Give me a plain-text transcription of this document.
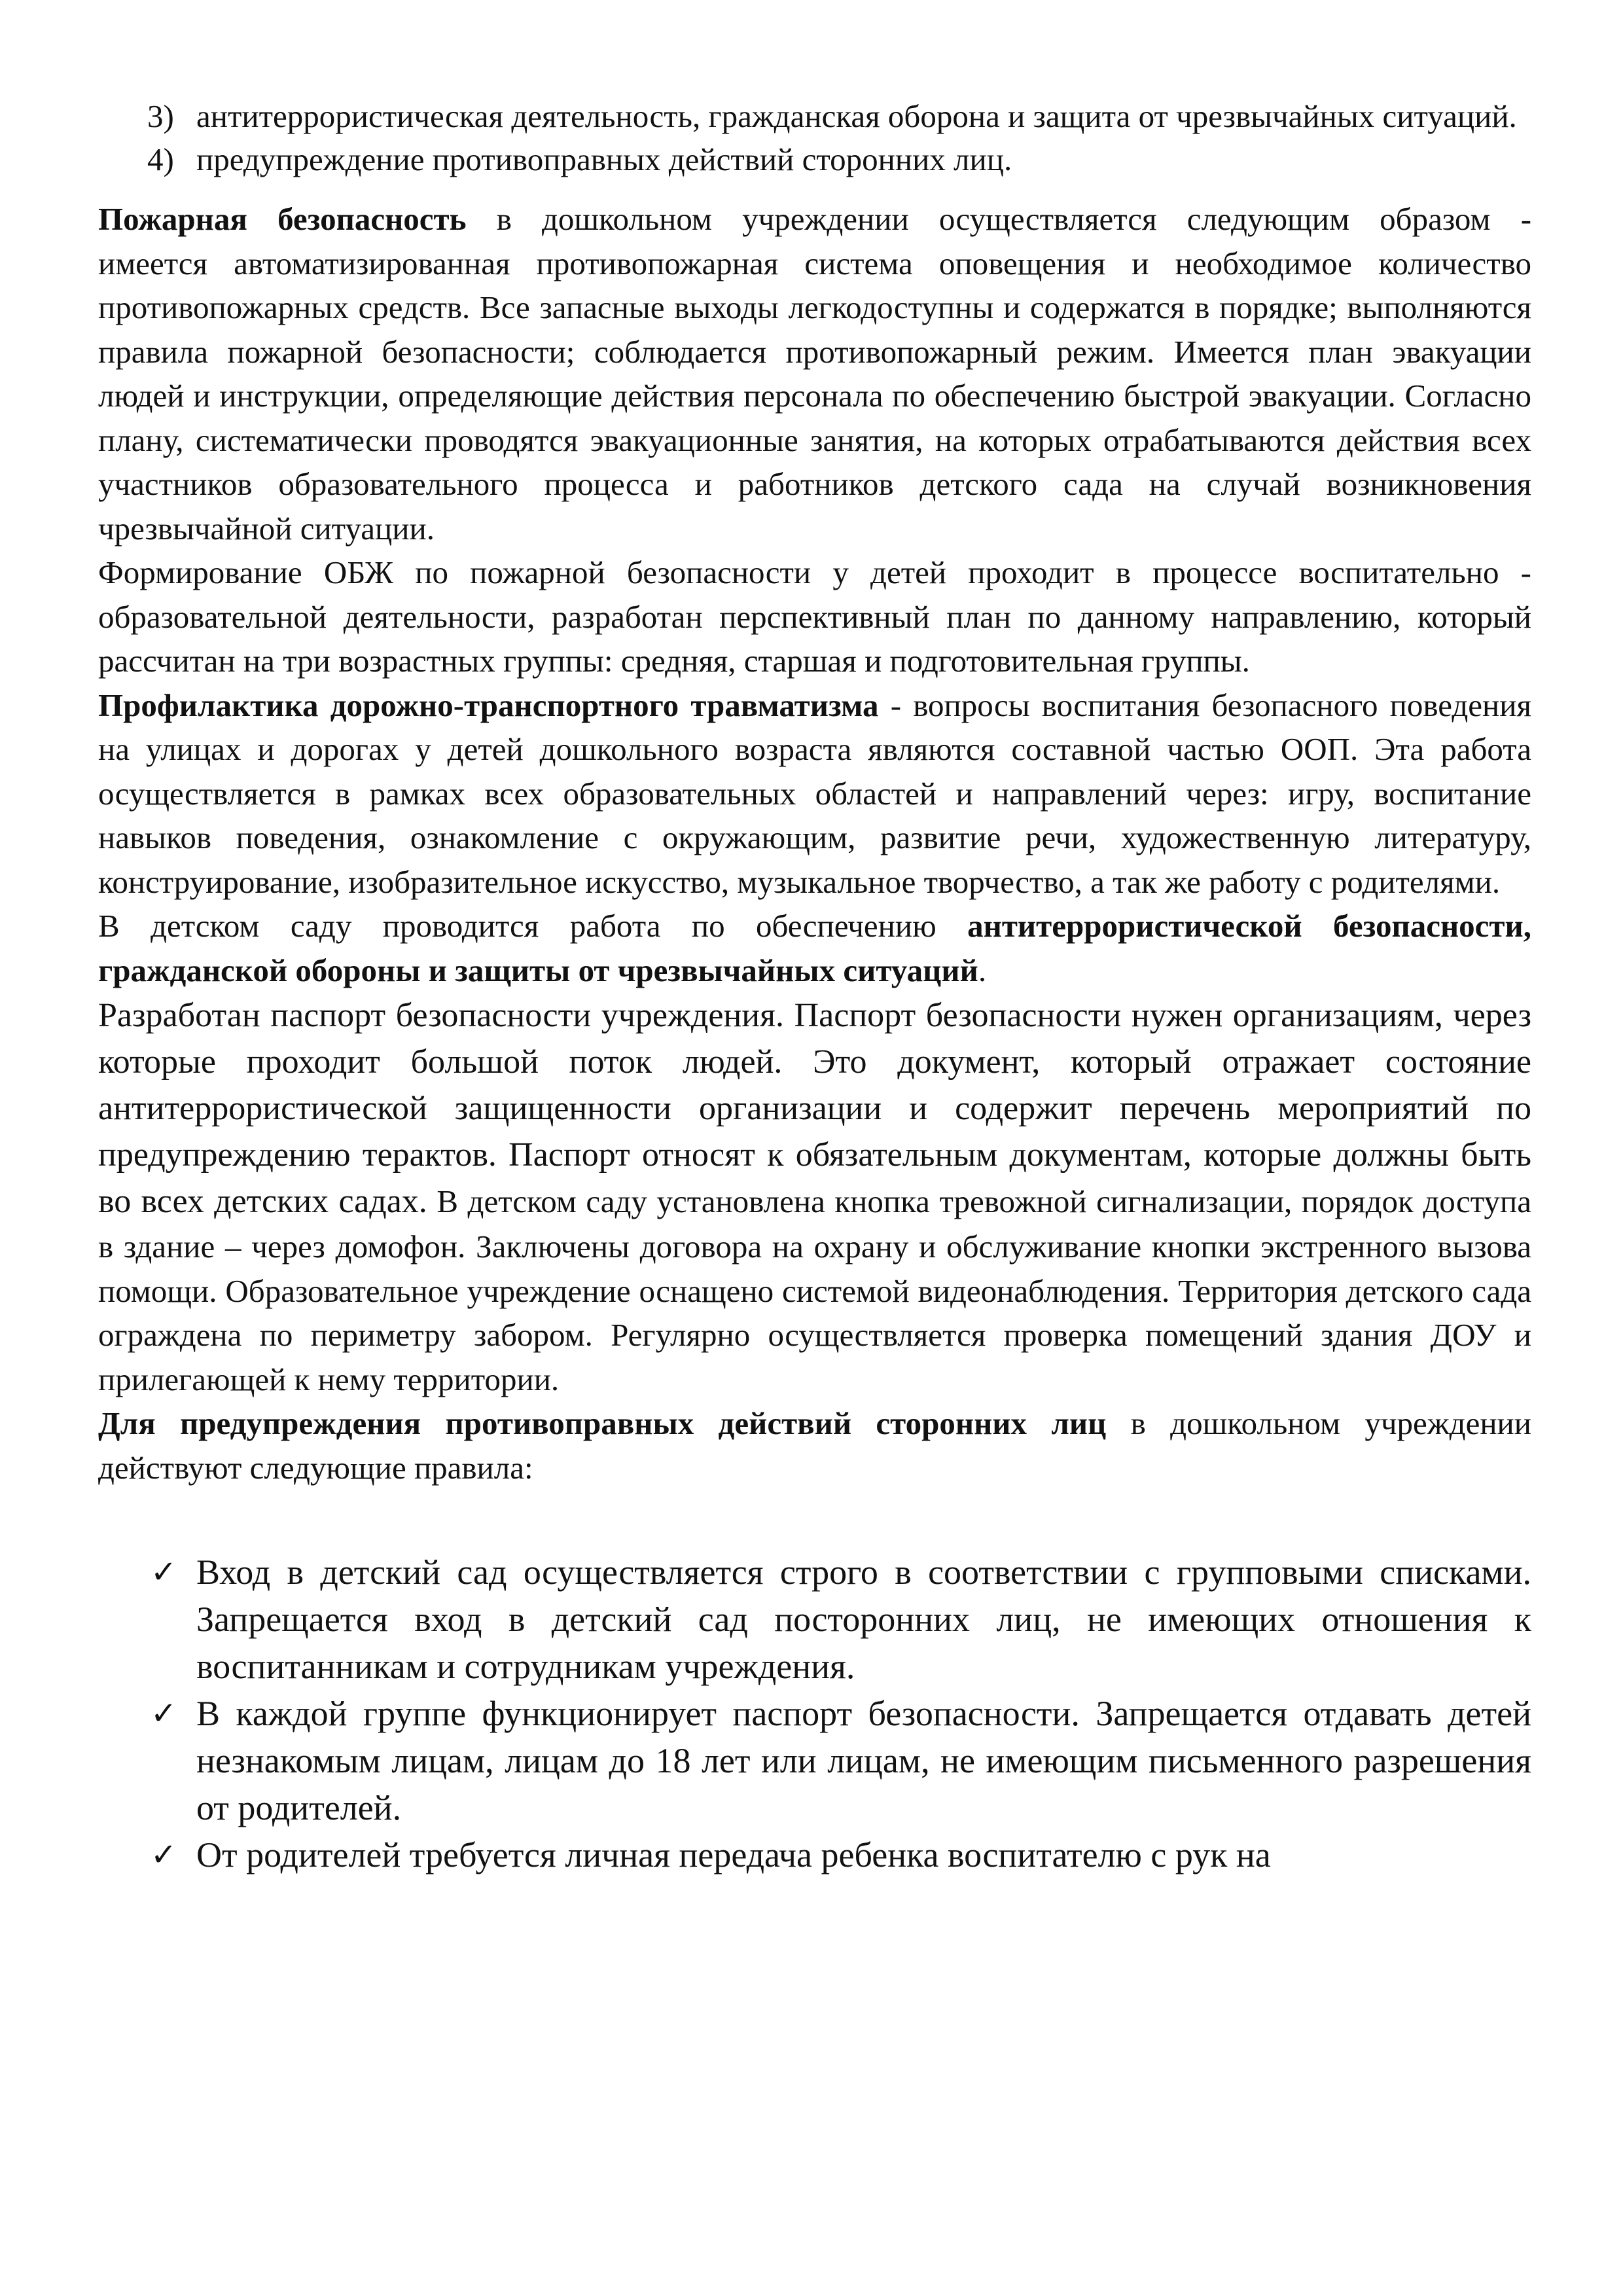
3) антитеррористическая деятельность, гражданская оборона и защита от чрезвычайных ситуаций.
4) предупреждение противоправных действий сторонних лиц.

Пожарная безопасность в дошкольном учреждении осуществляется следующим образом -

имеется автоматизированная противопожарная система оповещения и необходимое количество противопожарных средств. Все запасные выходы легкодоступны и содержатся в порядке; выполняются правила пожарной безопасности; соблюдается противопожарный режим. Имеется план эвакуации людей и инструкции, определяющие действия персонала по обеспечению быстрой эвакуации. Согласно плану, систематически проводятся эвакуационные занятия, на которых отрабатываются действия всех участников образовательного процесса и работников детского сада на случай возникновения чрезвычайной ситуации.

Формирование ОБЖ по пожарной безопасности у детей проходит в процессе воспитательно - образовательной деятельности, разработан перспективный план по данному направлению, который рассчитан на три возрастных группы: средняя, старшая и подготовительная группы.

Профилактика дорожно-транспортного травматизма - вопросы воспитания безопасного поведения на улицах и дорогах у детей дошкольного возраста являются составной частью ООП. Эта работа осуществляется в рамках всех образовательных областей и направлений через: игру, воспитание навыков поведения, ознакомление с окружающим, развитие речи, художественную литературу, конструирование, изобразительное искусство, музыкальное творчество, а так же работу с родителями.

В детском саду проводится работа по обеспечению антитеррористической безопасности, гражданской обороны и защиты от чрезвычайных ситуаций.

Разработан паспорт безопасности учреждения. Паспорт безопасности нужен организациям, через которые проходит большой поток людей. Это документ, который отражает состояние антитеррористической защищенности организации и содержит перечень мероприятий по предупреждению терактов. Паспорт относят к обязательным документам, которые должны быть во всех детских садах. В детском саду установлена кнопка тревожной сигнализации, порядок доступа в здание – через домофон. Заключены договора на охрану и обслуживание кнопки экстренного вызова помощи. Образовательное учреждение оснащено системой видеонаблюдения. Территория детского сада ограждена по периметру забором. Регулярно осуществляется проверка помещений здания ДОУ и прилегающей к нему территории.

Для предупреждения противоправных действий сторонних лиц в дошкольном учреждении действуют следующие правила:

✓ Вход в детский сад осуществляется строго в соответствии с групповыми списками. Запрещается вход в детский сад посторонних лиц, не имеющих отношения к воспитанникам и сотрудникам учреждения.
✓ В каждой группе функционирует паспорт безопасности. Запрещается отдавать детей незнакомым лицам, лицам до 18 лет или лицам, не имеющим письменного разрешения от родителей.
✓ От родителей требуется личная передача ребенка воспитателю с рук на
